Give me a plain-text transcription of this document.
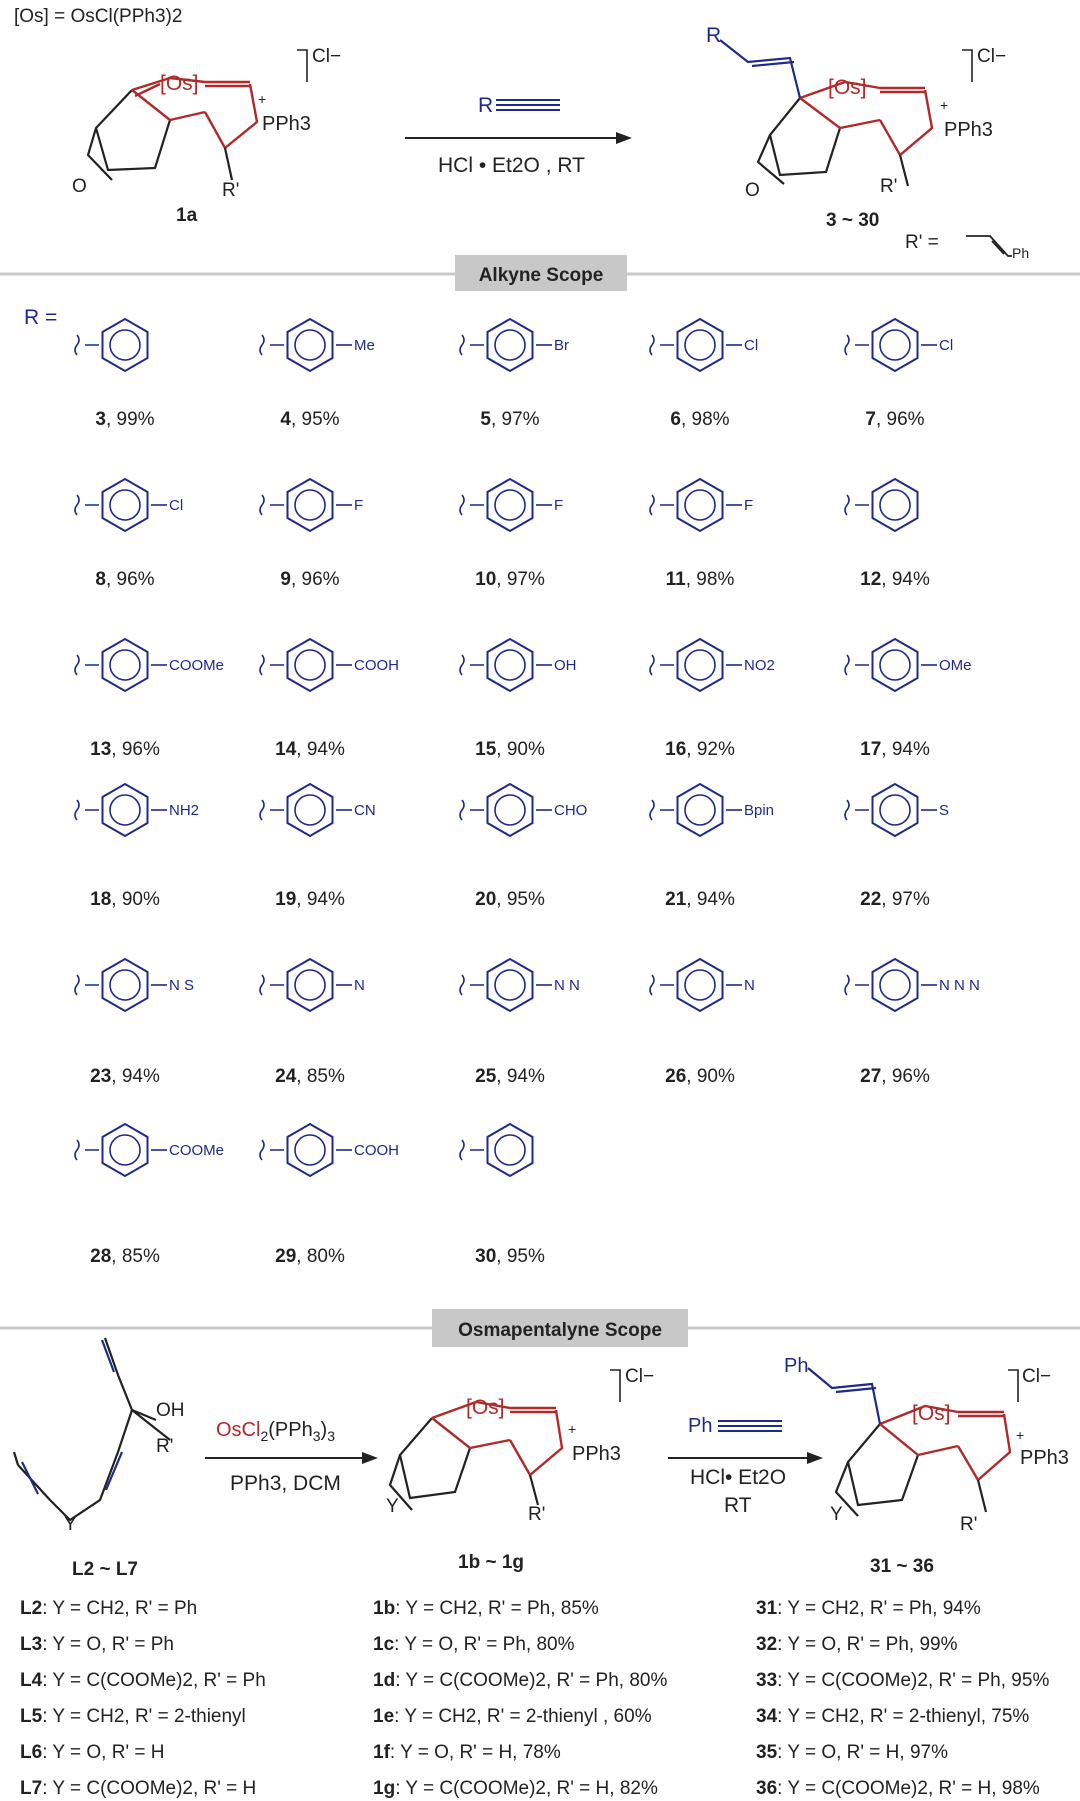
[Os] = OsCl(PPh3)2
[Os]
O
PPh3
+
R'
Cl−
1a
R
HCl • Et2O , RT
R
[Os]
O
PPh3
+
R'
Cl−
3 ~ 30
R' =	Ph
Alkyne Scope
R =
3, 99%
Me
4, 95%
Br
5, 97%
Cl
6, 98%
Cl
7, 96%
Cl
8, 96%
F
9, 96%
F
10, 97%
F
11, 98%	12, 94%
COOMe
13, 96%
COOH
14, 94%
OH
15, 90%
NO2
16, 92%
OMe
17, 94%
NH2
18, 90%
CN
19, 94%
CHO
20, 95%
Bpin
21, 94%
S
22, 97%
N S
23, 94%
N
24, 85%
N N
25, 94%
N
26, 90%
N N N
27, 96%
COOMe
28, 85%
COOH
29, 80%	30, 95%
Osmapentalyne Scope
OH
R'
Y
L2 ~ L7
$OsCl_2(PPh_3)_3$
PPh3, DCM
[Os]
Y
PPh3
+
R'
Cl−
1b ~ 1g
Ph
HCl• Et2O
RT
Ph
[Os]
Y
PPh3
+
R'
Cl−
31 ~ 36
L2: Y = CH2, R' = Ph
L3: Y = O, R' = Ph
L4: Y = C(COOMe)2, R' = Ph
L5: Y = CH2, R' = 2-thienyl
L6: Y = O, R' = H
L7: Y = C(COOMe)2, R' = H
1b: Y = CH2, R' = Ph, 85%
1c: Y = O, R' = Ph, 80%
1d: Y = C(COOMe)2, R' = Ph, 80%
1e: Y = CH2, R' = 2-thienyl , 60%
1f: Y = O, R' = H, 78%
1g: Y = C(COOMe)2, R' = H, 82%
31: Y = CH2, R' = Ph, 94%
32: Y = O, R' = Ph, 99%
33: Y = C(COOMe)2, R' = Ph, 95%
34: Y = CH2, R' = 2-thienyl, 75%
35: Y = O, R' = H, 97%
36: Y = C(COOMe)2, R' = H, 98%
